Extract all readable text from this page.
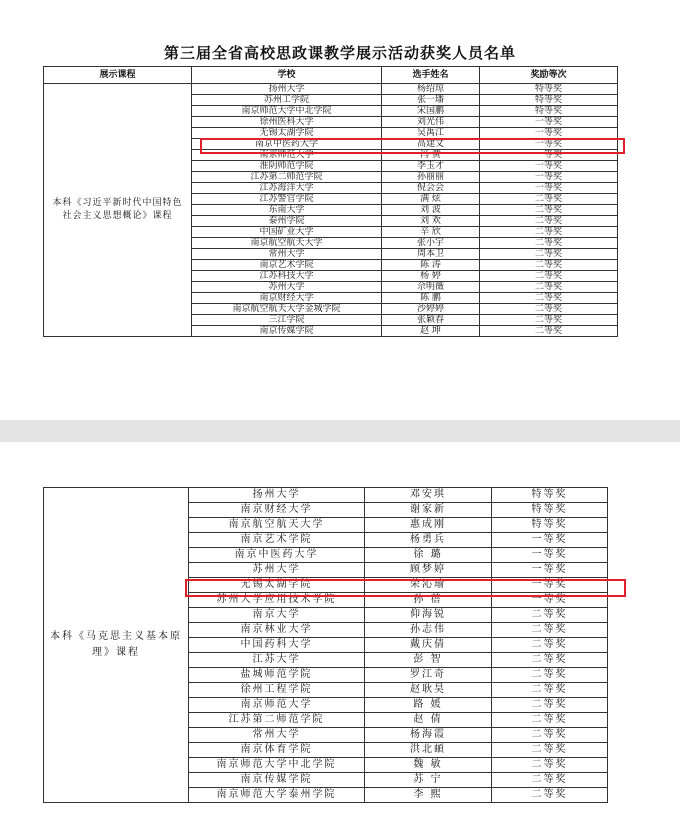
第三届全省高校思政课教学展示活动获奖人员名单
展示课程	学校	选手姓名	奖励等次
本科《习近平新时代中国特色社会主义思想概论》课程	扬州大学	杨绍琼	特等奖
	苏州工学院	张一璠	特等奖
	南京师范大学中北学院	宋国鹏	特等奖
	徐州医科大学	刘光伟	一等奖
	无锡太湖学院	吴禹江	一等奖
	南京中医药大学	高建文	一等奖
	南京师范大学	冯 黄	一等奖
	淮阴师范学院	李玉才	一等奖
	江苏第二师范学院	孙丽丽	一等奖
	江苏海洋大学	倪会会	一等奖
	江苏警官学院	满 炫	二等奖
	东南大学	刘 波	二等奖
	泰州学院	刘 欢	二等奖
	中国矿业大学	辛 欣	二等奖
	南京航空航天大学	张小宇	二等奖
	常州大学	周本卫	二等奖
	南京艺术学院	陈 涛	二等奖
	江苏科技大学	杨 婷	二等奖
	苏州大学	佘明薇	二等奖
	南京财经大学	陈 鹏	二等奖
	南京航空航天大学金城学院	沙婷婷	二等奖
	三江学院	张颖春	二等奖
	南京传媒学院	赵 坤	二等奖
本科《马克思主义基本原理》课程	扬州大学	邓安琪	特等奖
	南京财经大学	谢家新	特等奖
	南京航空航天大学	惠成刚	特等奖
	南京艺术学院	杨勇兵	一等奖
	南京中医药大学	徐 璐	一等奖
	苏州大学	顾梦婷	一等奖
	无锡太湖学院	荣沁瑜	一等奖
	苏州大学应用技术学院	孙 蓓	一等奖
	南京大学	仰海锐	二等奖
	南京林业大学	孙志伟	二等奖
	中国药科大学	戴庆倩	二等奖
	江苏大学	彭 智	二等奖
	盐城师范学院	罗江奇	二等奖
	徐州工程学院	赵耿昊	二等奖
	南京师范大学	路 媛	二等奖
	江苏第二师范学院	赵 倩	二等奖
	常州大学	杨海霞	二等奖
	南京体育学院	洪北頔	二等奖
	南京师范大学中北学院	魏 敏	二等奖
	南京传媒学院	苏 宁	二等奖
	南京师范大学泰州学院	李 熙	二等奖
